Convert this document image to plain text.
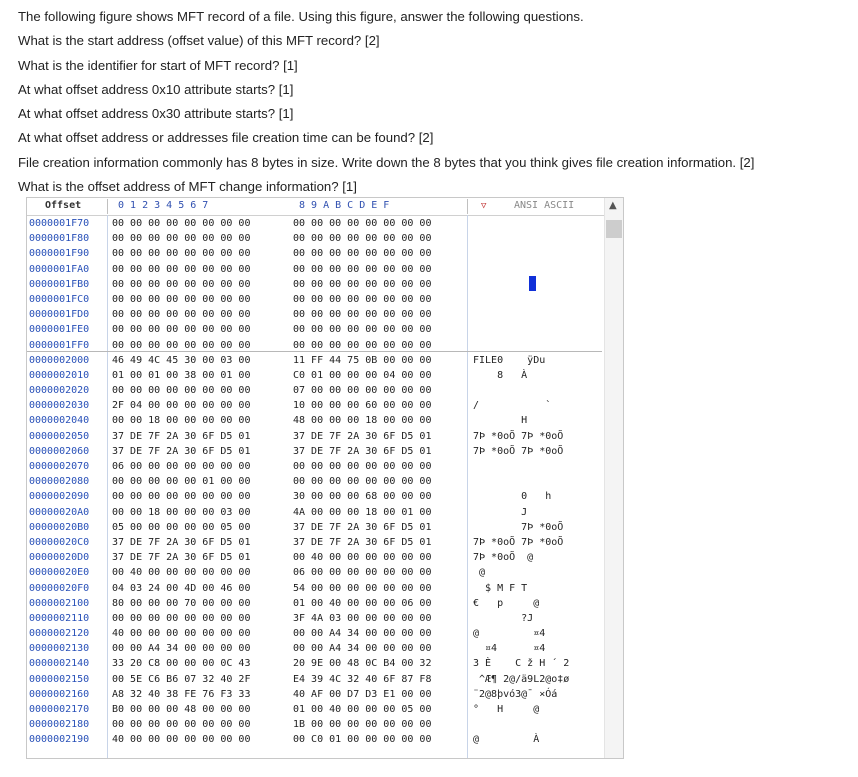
The following figure shows MFT record of a file. Using this figure, answer the following questions.
What is the start address (offset value) of this MFT record? [2]
What is the identifier for start of MFT record? [1]
At what offset address 0x10 attribute starts? [1]
At what offset address 0x30 attribute starts? [1]
At what offset address or addresses file creation time can be found? [2]
File creation information commonly has 8 bytes in size. Write down the 8 bytes that you think gives file creation information. [2]
What is the offset address of MFT change information? [1]
Offset	0 1 2 3 4 5 6 7	8 9 A B C D E F	▽	ANSI ASCII
0000001F70 00 00 00 00 00 00 00 00	00 00 00 00 00 00 00 00
0000001F80 00 00 00 00 00 00 00 00	00 00 00 00 00 00 00 00
0000001F90 00 00 00 00 00 00 00 00	00 00 00 00 00 00 00 00
0000001FA0 00 00 00 00 00 00 00 00	00 00 00 00 00 00 00 00
0000001FB0 00 00 00 00 00 00 00 00	00 00 00 00 00 00 00 00
0000001FC0 00 00 00 00 00 00 00 00	00 00 00 00 00 00 00 00
0000001FD0 00 00 00 00 00 00 00 00	00 00 00 00 00 00 00 00
0000001FE0 00 00 00 00 00 00 00 00	00 00 00 00 00 00 00 00
0000001FF0 00 00 00 00 00 00 00 00	00 00 00 00 00 00 00 00
0000002000 46 49 4C 45 30 00 03 00	11 FF 44 75 0B 00 00 00	FILE0    ÿDu
0000002010 01 00 01 00 38 00 01 00	C0 01 00 00 00 04 00 00	8   À
0000002020 00 00 00 00 00 00 00 00	07 00 00 00 00 00 00 00
0000002030 2F 04 00 00 00 00 00 00	10 00 00 00 60 00 00 00	/           `
0000002040 00 00 18 00 00 00 00 00	48 00 00 00 18 00 00 00	H
0000002050 37 DE 7F 2A 30 6F D5 01	37 DE 7F 2A 30 6F D5 01	7Þ *0oÕ 7Þ *0oÕ
0000002060 37 DE 7F 2A 30 6F D5 01	37 DE 7F 2A 30 6F D5 01	7Þ *0oÕ 7Þ *0oÕ
0000002070 06 00 00 00 00 00 00 00	00 00 00 00 00 00 00 00
0000002080 00 00 00 00 00 01 00 00	00 00 00 00 00 00 00 00
0000002090 00 00 00 00 00 00 00 00	30 00 00 00 68 00 00 00	0   h
00000020A0 00 00 18 00 00 00 03 00	4A 00 00 00 18 00 01 00	J
00000020B0 05 00 00 00 00 00 05 00	37 DE 7F 2A 30 6F D5 01	7Þ *0oÕ
00000020C0 37 DE 7F 2A 30 6F D5 01	37 DE 7F 2A 30 6F D5 01	7Þ *0oÕ 7Þ *0oÕ
00000020D0 37 DE 7F 2A 30 6F D5 01	00 40 00 00 00 00 00 00	7Þ *0oÕ  @
00000020E0 00 40 00 00 00 00 00 00	06 00 00 00 00 00 00 00	@
00000020F0 04 03 24 00 4D 00 46 00	54 00 00 00 00 00 00 00	$ M F T
0000002100 80 00 00 00 70 00 00 00	01 00 40 00 00 00 06 00	€   p     @
0000002110 00 00 00 00 00 00 00 00	3F 4A 03 00 00 00 00 00	?J
0000002120 40 00 00 00 00 00 00 00	00 00 A4 34 00 00 00 00	@         ¤4
0000002130 00 00 A4 34 00 00 00 00	00 00 A4 34 00 00 00 00	¤4      ¤4
0000002140 33 20 C8 00 00 00 0C 43	20 9E 00 48 0C B4 00 32	3 È    C ž H ´ 2
0000002150 00 5E C6 B6 07 32 40 2F	E4 39 4C 32 40 6F 87 F8	^Æ¶ 2@/ä9L2@o‡ø
0000002160 A8 32 40 38 FE 76 F3 33	40 AF 00 D7 D3 E1 00 00	¨2@8þvó3@¯ ×Óá
0000002170 B0 00 00 00 48 00 00 00	01 00 40 00 00 00 05 00	°   H     @
0000002180 00 00 00 00 00 00 00 00	1B 00 00 00 00 00 00 00
0000002190 40 00 00 00 00 00 00 00	00 C0 01 00 00 00 00 00	@         À
▲
